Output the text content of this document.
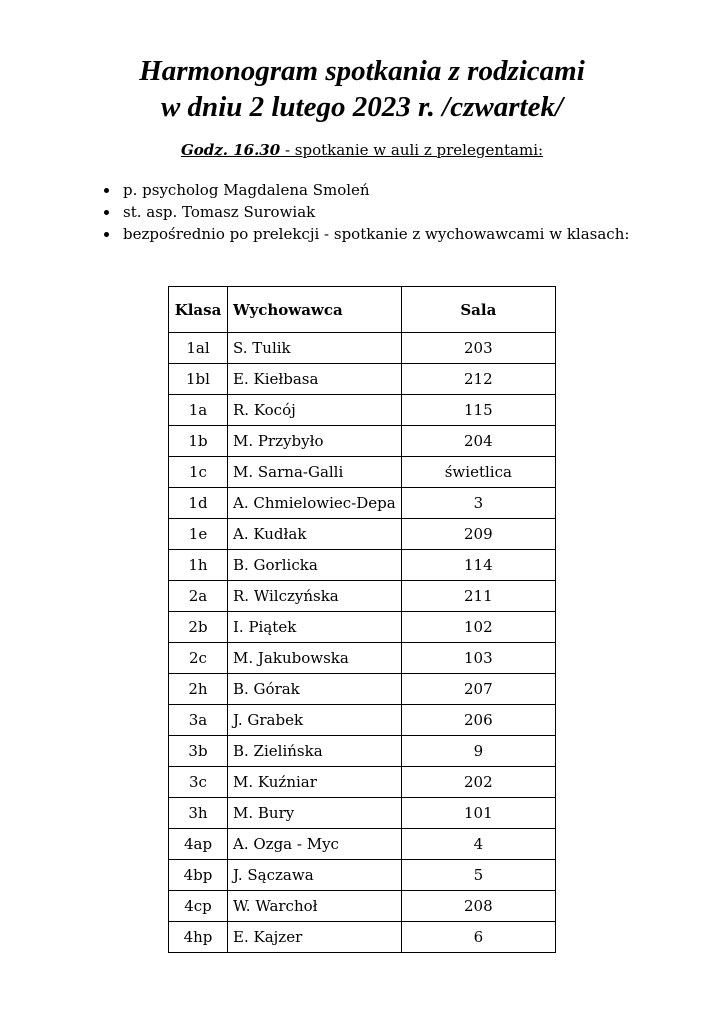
Harmonogram spotkania z rodzicami
w dniu 2 lutego 2023 r. /czwartek/
Godz. 16.30 - spotkanie w auli z prelegentami:
p. psycholog Magdalena Smoleń
st. asp. Tomasz Surowiak
bezpośrednio po prelekcji - spotkanie z wychowawcami w klasach:
Klasa	Wychowawca	Sala
1al	S. Tulik	203
1bl	E. Kiełbasa	212
1a	R. Kocój	115
1b	M. Przybyło	204
1c	M. Sarna-Galli	świetlica
1d	A. Chmielowiec-Depa	3
1e	A. Kudłak	209
1h	B. Gorlicka	114
2a	R. Wilczyńska	211
2b	I. Piątek	102
2c	M. Jakubowska	103
2h	B. Górak	207
3a	J. Grabek	206
3b	B. Zielińska	9
3c	M. Kuźniar	202
3h	M. Bury	101
4ap	A. Ozga - Myc	4
4bp	J. Sączawa	5
4cp	W. Warchoł	208
4hp	E. Kajzer	6
